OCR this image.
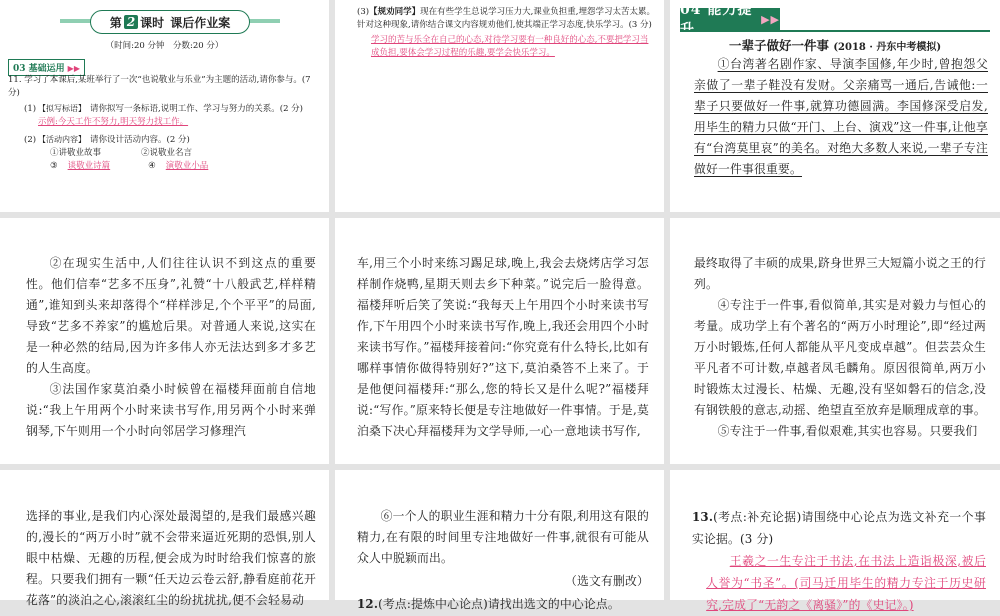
第 2 课时 课后作业案
（时间:20 分钟　分数:20 分）
03 基础运用 ▶▶
11. 学习了本课后,某班举行了一次“也说敬业与乐业”为主题的活动,请你参与。(7 分)
(1) 【拟写标语】 请你拟写一条标语,说明工作、学习与努力的关系。(2 分)
示例:今天工作不努力,明天努力找工作。
(2) 【活动内容】 请你设计活动内容。(2 分)
①讲敬业故事	②说敬业名言
③ 谈敬业诗篇	④ 演敬业小品
(3)【规劝同学】现在有些学生总说学习压力大,课业负担重,埋怨学习太苦太累。针对这种现象,请你结合课文内容规劝他们,使其端正学习态度,快乐学习。(3 分)
学习的苦与乐全在自己的心态,对待学习要有一种良好的心态,不要把学习当成负担,要体会学习过程的乐趣,要学会快乐学习。
04 能力提升
▶▶
一辈子做好一件事 (2018 · 丹东中考模拟)

①台湾著名剧作家、导演李国修,年少时,曾抱怨父亲做了一辈子鞋没有发财。父亲痛骂一通后,告诫他:一辈子只要做好一件事,就算功德圆满。李国修深受启发,用毕生的精力只做“开门、上台、演戏”这一件事,让他享有“台湾莫里哀”的美名。对绝大多数人来说,一辈子专注做好一件事很重要。

②在现实生活中,人们往往认识不到这点的重要性。他们信奉“艺多不压身”,礼赞“十八般武艺,样样精通”,谁知到头来却落得个“样样涉足,个个平平”的局面,导致“艺多不养家”的尴尬后果。对普通人来说,这实在是一种必然的结局,因为许多伟人亦无法达到多才多艺的人生高度。

③法国作家莫泊桑小时候曾在福楼拜面前自信地说:“我上午用两个小时来读书写作,用另两个小时来弹钢琴,下午则用一个小时向邻居学习修理汽

车,用三个小时来练习踢足球,晚上,我会去烧烤店学习怎样制作烧鸭,星期天则去乡下种菜。”说完后一脸得意。福楼拜听后笑了笑说:“我每天上午用四个小时来读书写作,下午用四个小时来读书写作,晚上,我还会用四个小时来读书写作。”福楼拜接着问:“你究竟有什么特长,比如有哪样事情你做得特别好?”这下,莫泊桑答不上来了。于是他便问福楼拜:“那么,您的特长又是什么呢?”福楼拜说:“写作。”原来特长便是专注地做好一件事情。于是,莫泊桑下决心拜福楼拜为文学导师,一心一意地读书写作,

最终取得了丰硕的成果,跻身世界三大短篇小说之王的行列。

④专注于一件事,看似简单,其实是对毅力与恒心的考量。成功学上有个著名的“两万小时理论”,即“经过两万小时锻炼,任何人都能从平凡变成卓越”。但芸芸众生平凡者不可计数,卓越者凤毛麟角。原因很简单,两万小时锻炼太过漫长、枯燥、无趣,没有坚如磐石的信念,没有钢铁般的意志,动摇、绝望直至放弃是顺理成章的事。

⑤专注于一件事,看似艰难,其实也容易。只要我们

选择的事业,是我们内心深处最渴望的,是我们最感兴趣的,漫长的“两万小时”就不会带来逼近死期的恐惧,别人眼中枯燥、无趣的历程,便会成为时时给我们惊喜的旅程。只要我们拥有一颗“任天边云卷云舒,静看庭前花开花落”的淡泊之心,滚滚红尘的纷扰扰扰,便不会轻易动

⑥一个人的职业生涯和精力十分有限,利用这有限的精力,在有限的时间里专注地做好一件事,就很有可能从众人中脱颖而出。

（选文有删改）

12.(考点:提炼中心论点)请找出选文的中心论点。

13.(考点:补充论据)请围绕中心论点为选文补充一个事实论据。(3 分)

王羲之一生专注于书法,在书法上造诣极深,被后人誉为“书圣”。(司马迁用毕生的精力专注于历史研究,完成了“无韵之《离骚》”的《史记》。)
